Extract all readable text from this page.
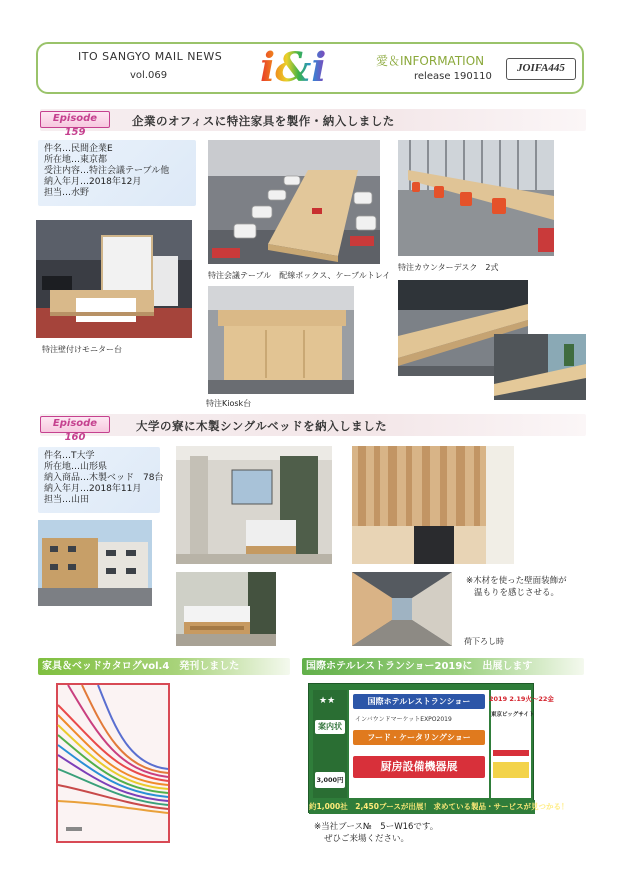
ITO SANGYO MAIL NEWS
vol.069 i&i	愛＆INFORMATION
release 190110
JOIFA445
Episode 159
企業のオフィスに特注家具を製作・納入しました
件名…民間企業E
所在地…東京都
受注内容…特注会議テーブル他
納入年月…2018年12月
担当…水野
特注壁付けモニター台
特注会議テーブル　配線ボックス、ケーブルトレイ
特注カウンターデスク　2式
特注Kiosk台
Episode 160
大学の寮に木製シングルベッドを納入しました
件名…T大学
所在地…山形県
納入商品…木製ベッド　78台
納入年月…2018年11月
担当…山田
※木材を使った壁面装飾が
温もりを感じさせる。
荷下ろし時
家具＆ベッドカタログvol.4　発刊しました	国際ホテルレストランショー2019に　出展します
★★
案内状
3,000円
国際ホテルレストランショー
インバウンドマーケットEXPO2019
フード・ケータリングショー
厨房設備機器展
2019 2.19火〜22金
東京ビッグサイト
約1,000社　2,450ブースが出展！ 求めている製品・サービスが見つかる！
※当社ブース№　5ーW16です。
ぜひご来場ください。
